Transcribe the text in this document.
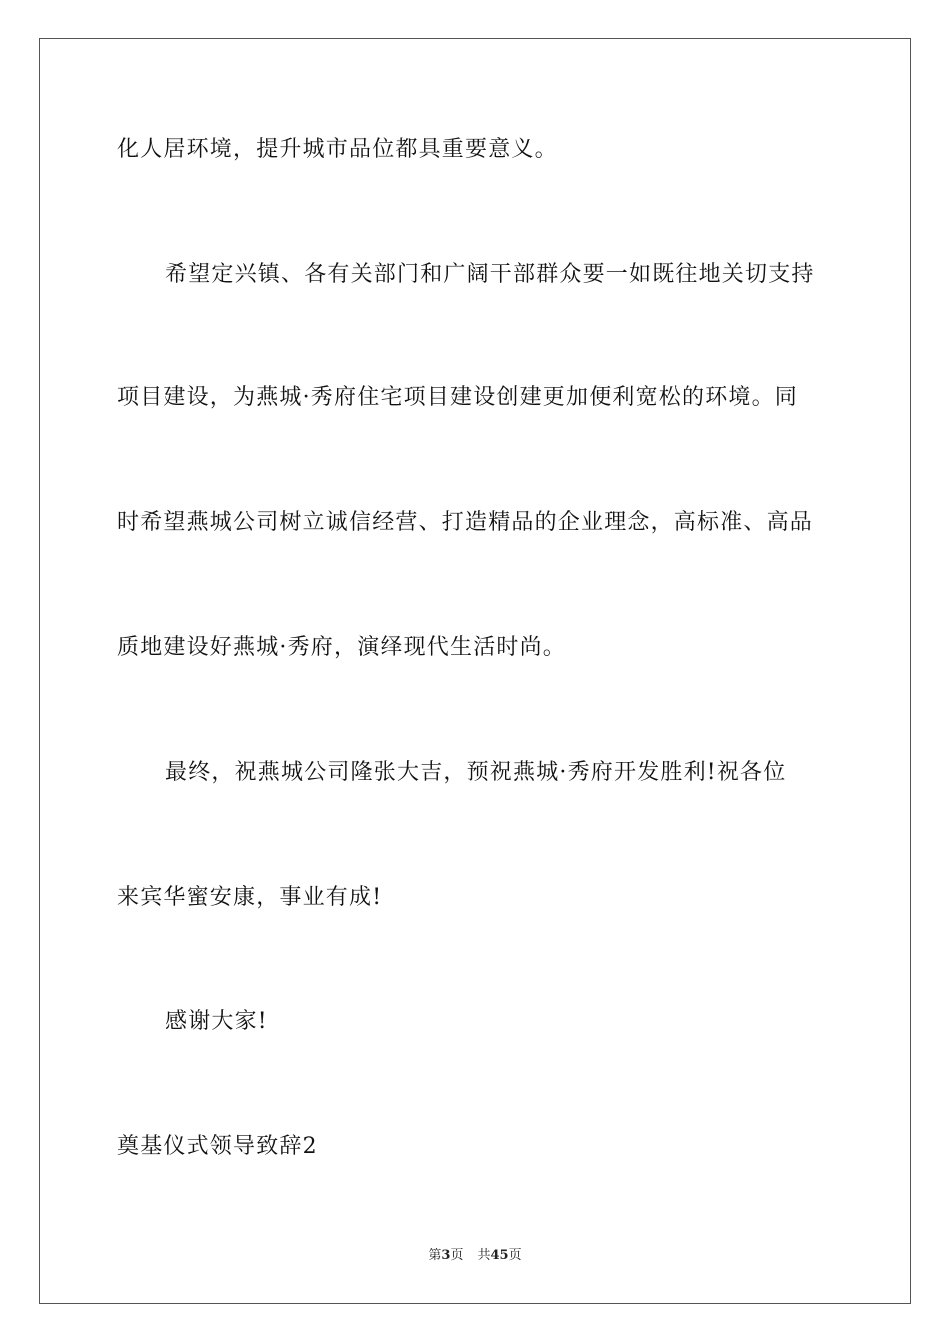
化人居环境，提升城市品位都具重要意义。
希望定兴镇、各有关部门和广阔干部群众要一如既往地关切支持
项目建设，为燕城·秀府住宅项目建设创建更加便利宽松的环境。同
时希望燕城公司树立诚信经营、打造精品的企业理念，高标准、高品
质地建设好燕城·秀府，演绎现代生活时尚。
最终，祝燕城公司隆张大吉，预祝燕城·秀府开发胜利!祝各位
来宾华蜜安康，事业有成!
感谢大家!
奠基仪式领导致辞2
第3页 共45页
